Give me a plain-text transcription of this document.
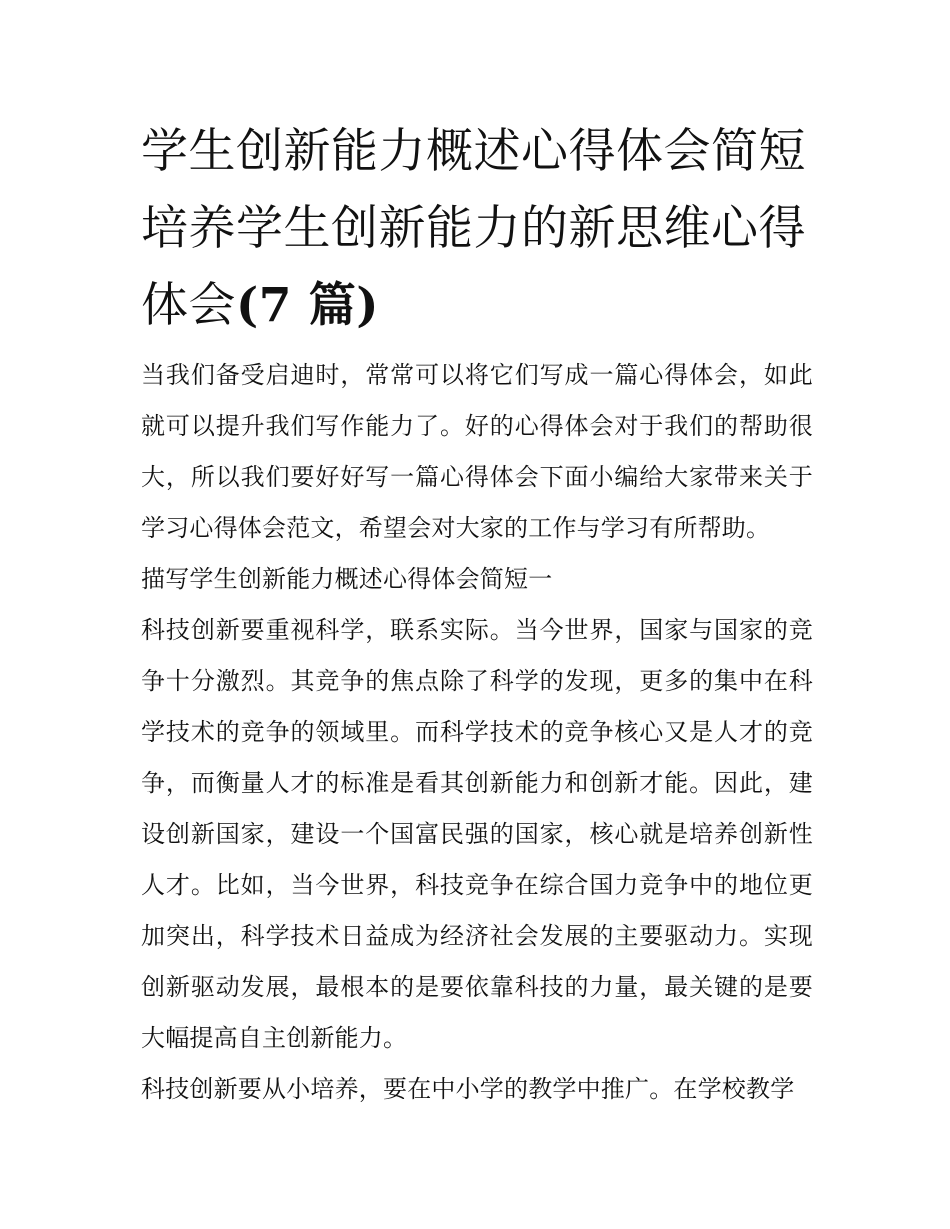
学生创新能力概述心得体会简短 培养学生创新能力的新思维心得体会(7 篇)

当我们备受启迪时，常常可以将它们写成一篇心得体会，如此就可以提升我们写作能力了。好的心得体会对于我们的帮助很大，所以我们要好好写一篇心得体会下面小编给大家带来关于学习心得体会范文，希望会对大家的工作与学习有所帮助。

描写学生创新能力概述心得体会简短一

科技创新要重视科学，联系实际。当今世界，国家与国家的竞争十分激烈。其竞争的焦点除了科学的发现，更多的集中在科学技术的竞争的领域里。而科学技术的竞争核心又是人才的竞争，而衡量人才的标准是看其创新能力和创新才能。因此，建设创新国家，建设一个国富民强的国家，核心就是培养创新性人才。比如，当今世界，科技竞争在综合国力竞争中的地位更加突出，科学技术日益成为经济社会发展的主要驱动力。实现创新驱动发展，最根本的是要依靠科技的力量，最关键的是要大幅提高自主创新能力。

科技创新要从小培养，要在中小学的教学中推广。在学校教学
